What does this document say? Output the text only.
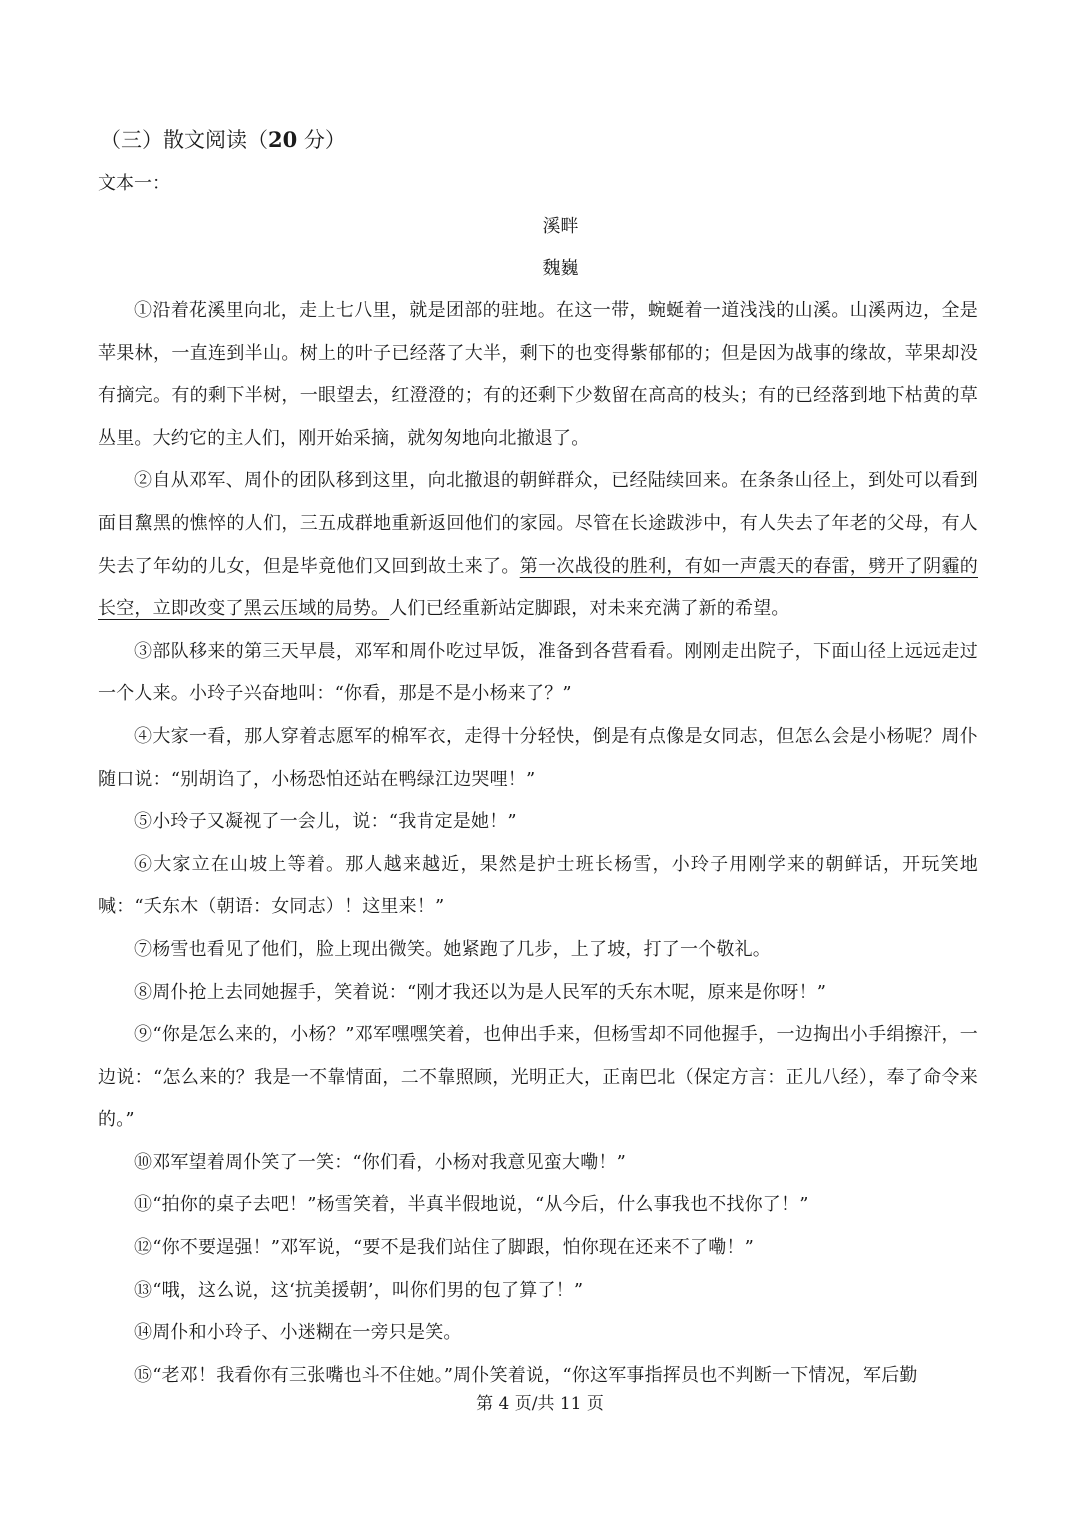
（三）散文阅读（20 分）
文本一：
溪畔
魏巍

①沿着花溪里向北，走上七八里，就是团部的驻地。在这一带，蜿蜒着一道浅浅的山溪。山溪两边，全是苹果林，一直连到半山。树上的叶子已经落了大半，剩下的也变得紫郁郁的；但是因为战事的缘故，苹果却没有摘完。有的剩下半树，一眼望去，红澄澄的；有的还剩下少数留在高高的枝头；有的已经落到地下枯黄的草丛里。大约它的主人们，刚开始采摘，就匆匆地向北撤退了。

②自从邓军、周仆的团队移到这里，向北撤退的朝鲜群众，已经陆续回来。在条条山径上，到处可以看到面目黧黑的憔悴的人们，三五成群地重新返回他们的家园。尽管在长途跋涉中，有人失去了年老的父母，有人失去了年幼的儿女，但是毕竟他们又回到故土来了。第一次战役的胜利，有如一声震天的春雷，劈开了阴霾的长空，立即改变了黑云压域的局势。人们已经重新站定脚跟，对未来充满了新的希望。

③部队移来的第三天早晨，邓军和周仆吃过早饭，准备到各营看看。刚刚走出院子，下面山径上远远走过一个人来。小玲子兴奋地叫：“你看，那是不是小杨来了？”

④大家一看，那人穿着志愿军的棉军衣，走得十分轻快，倒是有点像是女同志，但怎么会是小杨呢？周仆随口说：“别胡诌了，小杨恐怕还站在鸭绿江边哭哩！”

⑤小玲子又凝视了一会儿，说：“我肯定是她！”

⑥大家立在山坡上等着。那人越来越近，果然是护士班长杨雪，小玲子用刚学来的朝鲜话，开玩笑地喊：“夭东木（朝语：女同志）！这里来！”

⑦杨雪也看见了他们，脸上现出微笑。她紧跑了几步，上了坡，打了一个敬礼。

⑧周仆抢上去同她握手，笑着说：“刚才我还以为是人民军的夭东木呢，原来是你呀！”

⑨“你是怎么来的，小杨？”邓军嘿嘿笑着，也伸出手来，但杨雪却不同他握手，一边掏出小手绢擦汗，一边说：“怎么来的？我是一不靠情面，二不靠照顾，光明正大，正南巴北（保定方言：正儿八经），奉了命令来的。”

⑩邓军望着周仆笑了一笑：“你们看，小杨对我意见蛮大嘞！”

⑪“拍你的桌子去吧！”杨雪笑着，半真半假地说，“从今后，什么事我也不找你了！”

⑫“你不要逞强！”邓军说，“要不是我们站住了脚跟，怕你现在还来不了嘞！”

⑬“哦，这么说，这‘抗美援朝’，叫你们男的包了算了！”

⑭周仆和小玲子、小迷糊在一旁只是笑。

⑮“老邓！我看你有三张嘴也斗不住她。”周仆笑着说，“你这军事指挥员也不判断一下情况，军后勤

第 4 页/共 11 页
